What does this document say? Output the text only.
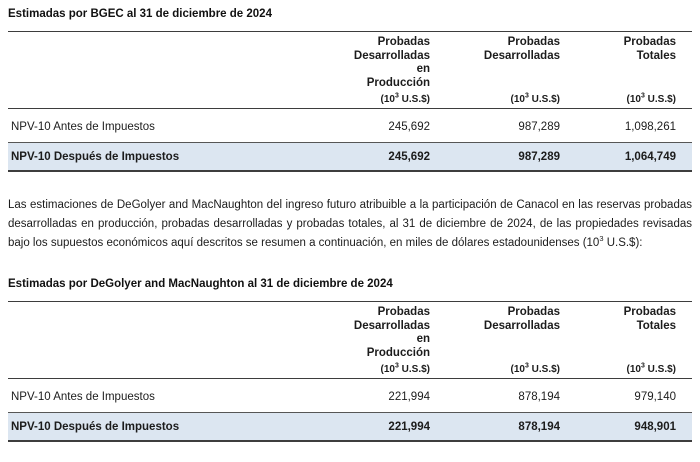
Estimadas por BGEC al 31 de diciembre de 2024

Probadas
Desarrolladas
en
Producción
($10^3$ U.S.$)

Probadas
Desarrolladas
($10^3$ U.S.$)

Probadas
Totales
($10^3$ U.S.$)

NPV-10 Antes de Impuestos	245,692	987,289	1,098,261
NPV-10 Después de Impuestos	245,692	987,289	1,064,749

Las estimaciones de DeGolyer and MacNaughton del ingreso futuro atribuible a la participación de Canacol en las reservas probadas desarrolladas en producción, probadas desarrolladas y probadas totales, al 31 de diciembre de 2024, de las propiedades revisadas bajo los supuestos económicos aquí descritos se resumen a continuación, en miles de dólares estadounidenses ($10^3$ U.S.$):

Estimadas por DeGolyer and MacNaughton al 31 de diciembre de 2024

Probadas
Desarrolladas
en
Producción
($10^3$ U.S.$)

Probadas
Desarrolladas
($10^3$ U.S.$)

Probadas
Totales
($10^3$ U.S.$)

NPV-10 Antes de Impuestos	221,994	878,194	979,140
NPV-10 Después de Impuestos	221,994	878,194	948,901
